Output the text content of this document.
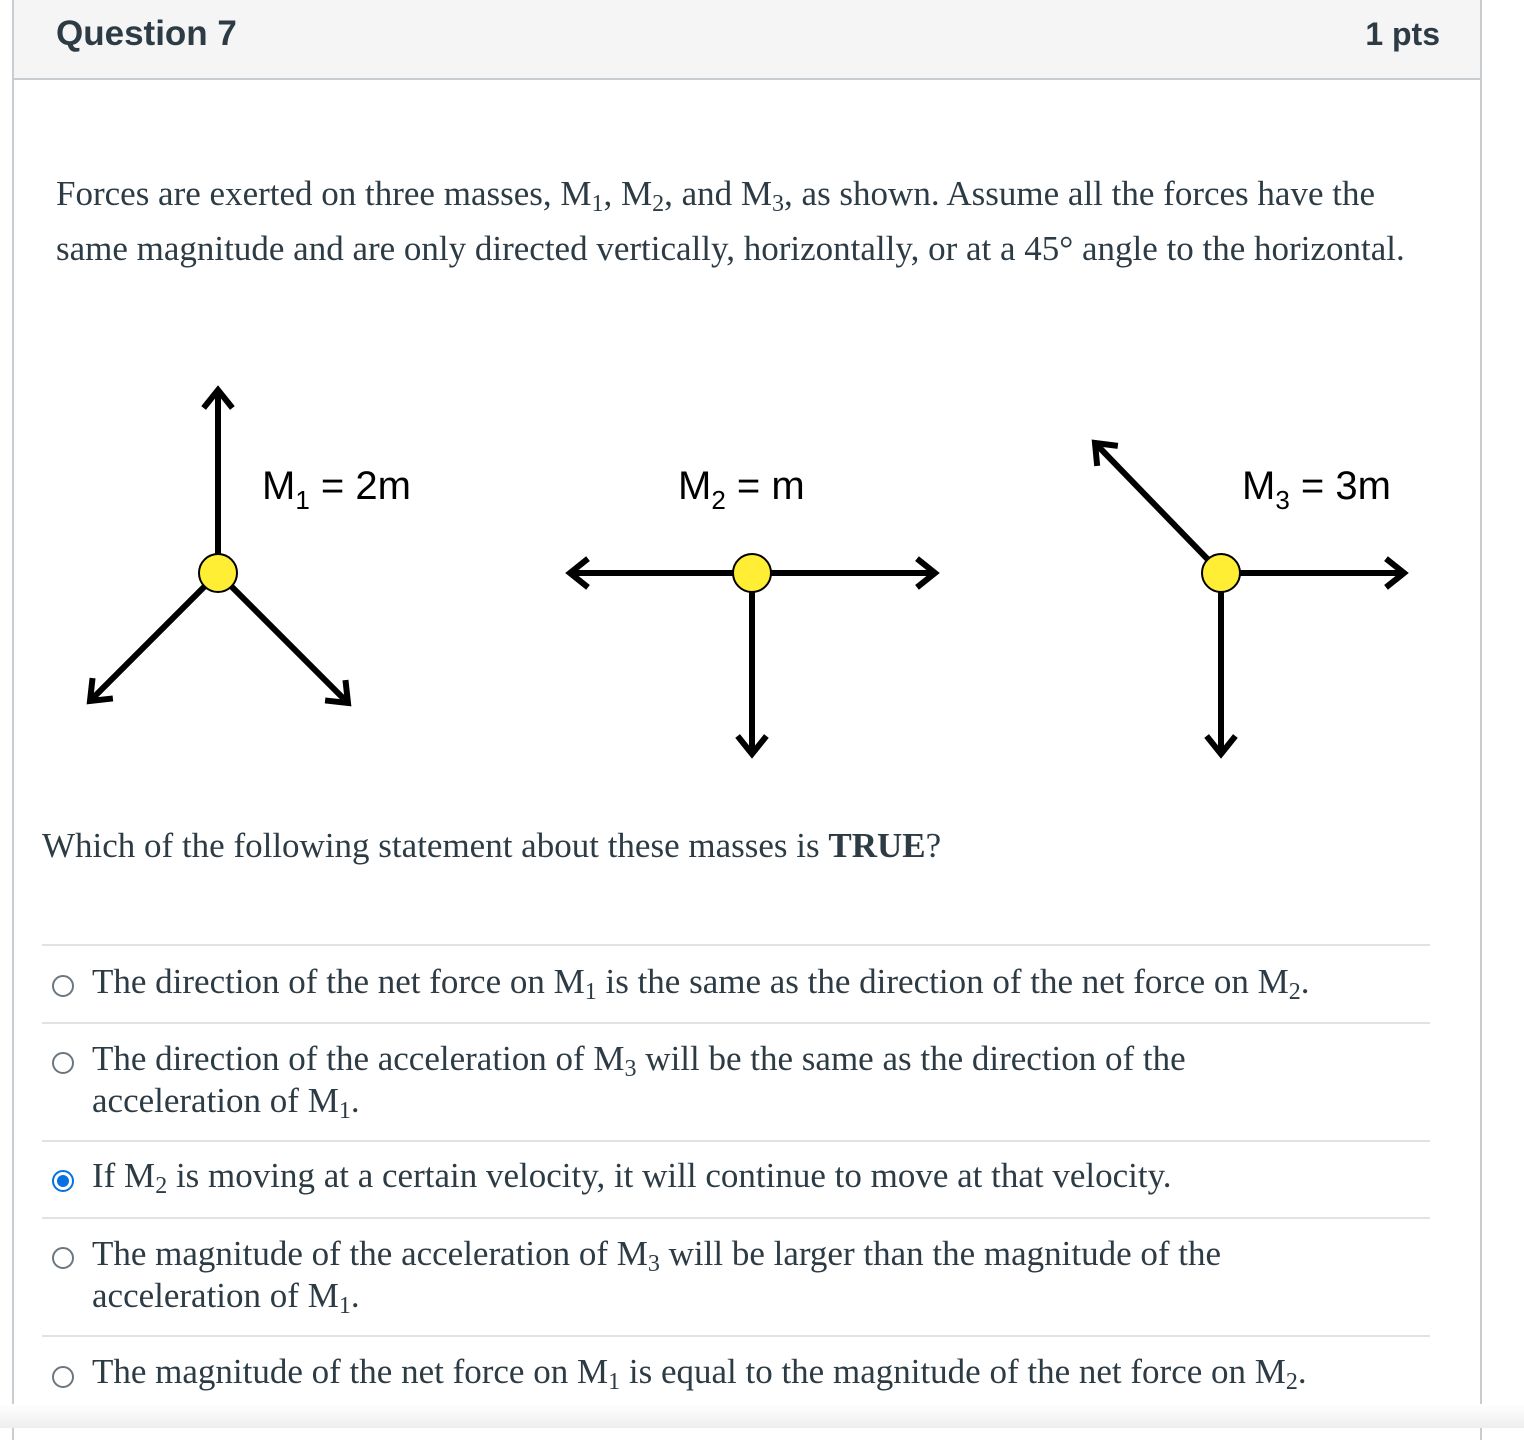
Question 7	1 pts
Forces are exerted on three masses, $M_1$, $M_2$, and $M_3$, as shown. Assume all the forces have the same magnitude and are only directed vertically, horizontally, or at a 45° angle to the horizontal.
$M_1 = 2m$	$M_2 = m$	$M_3 = 3m$
Which of the following statement about these masses is TRUE?
The direction of the net force on $M_1$ is the same as the direction of the net force on $M_2$.
The direction of the acceleration of $M_3$ will be the same as the direction of the acceleration of $M_1$.
If $M_2$ is moving at a certain velocity, it will continue to move at that velocity.
The magnitude of the acceleration of $M_3$ will be larger than the magnitude of the acceleration of $M_1$.
The magnitude of the net force on $M_1$ is equal to the magnitude of the net force on $M_2$.
